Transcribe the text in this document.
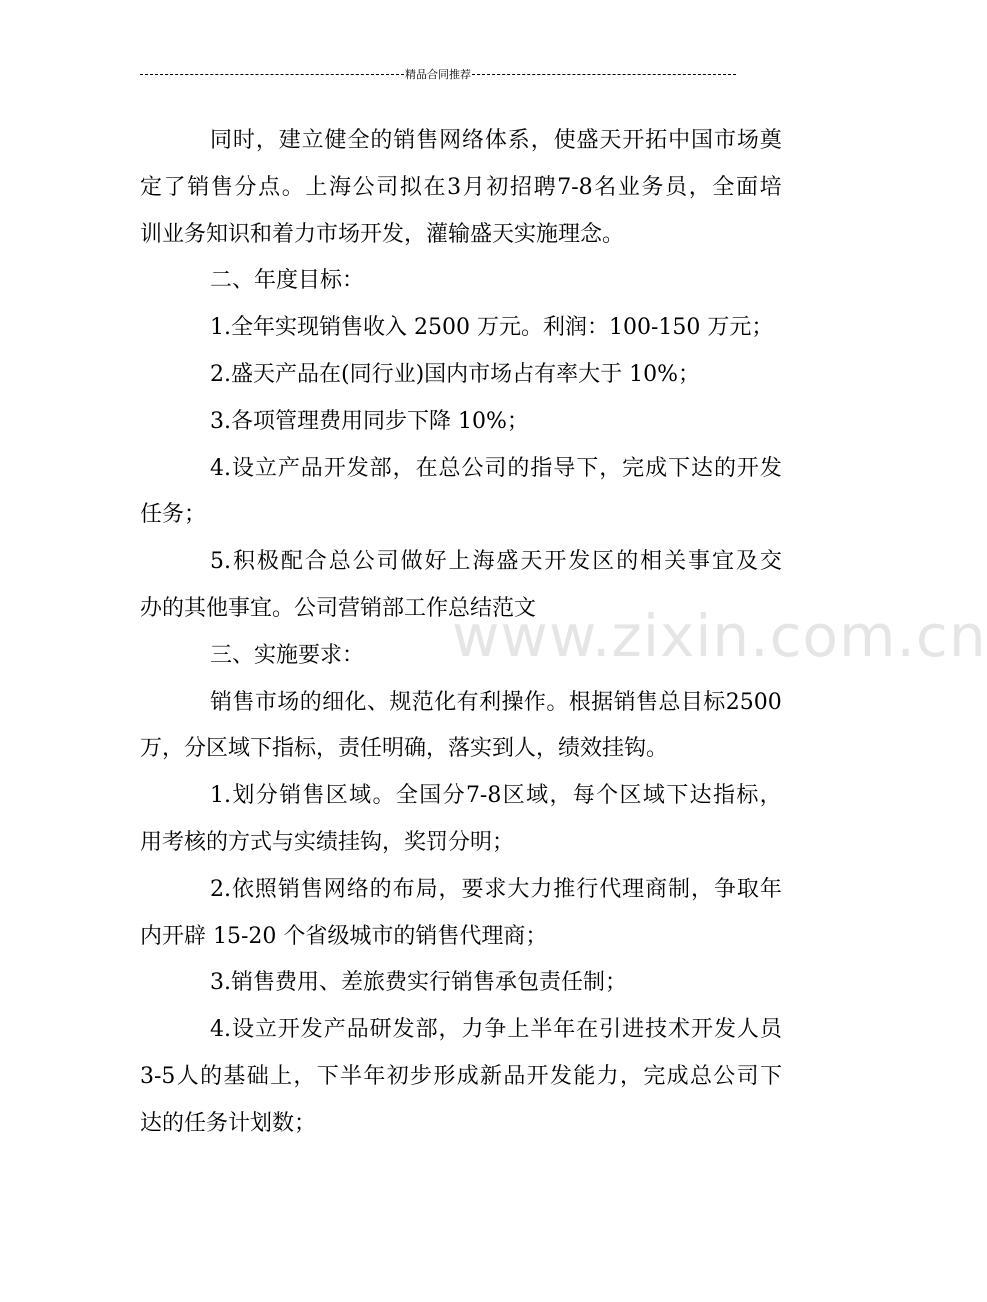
精品合同推荐
同 时 ， 建 立 健 全 的 销 售 网 络 体 系 ， 使 盛 天 开 拓 中 国 市 场 奠
定 了 销 售 分 点 。 上 海 公 司 拟 在 3 月 初 招 聘 7-8 名 业 务 员 ， 全 面 培
训业务知识和着力市场开发，灌输盛天实施理念。
二、年度目标：
1.全年实现销售收入 2500 万元。利润：100-150 万元；
2.盛天产品在(同行业)国内市场占有率大于 10%；
3.各项管理费用同步下降 10%；
4. 设 立 产 品 开 发 部 ， 在 总 公 司 的 指 导 下 ， 完 成 下 达 的 开 发
任务；
5. 积 极 配 合 总 公 司 做 好 上 海 盛 天 开 发 区 的 相 关 事 宜 及 交
办的其他事宜。公司营销部工作总结范文
三、实施要求：
销 售 市 场 的 细 化 、 规 范 化 有 利 操 作 。 根 据 销 售 总 目 标 2500
万，分区域下指标，责任明确，落实到人，绩效挂钩。
1. 划 分 销 售 区 域 。 全 国 分 7-8 区 域 ， 每 个 区 域 下 达 指 标 ，
用考核的方式与实绩挂钩，奖罚分明；
2. 依 照 销 售 网 络 的 布 局 ， 要 求 大 力 推 行 代 理 商 制 ， 争 取 年
内开辟 15-20 个省级城市的销售代理商；
3.销售费用、差旅费实行销售承包责任制；
4. 设 立 开 发 产 品 研 发 部 ， 力 争 上 半 年 在 引 进 技 术 开 发 人 员
3-5 人 的 基 础 上 ， 下 半 年 初 步 形 成 新 品 开 发 能 力 ， 完 成 总 公 司 下
达的任务计划数；
www.zixin.com.cn
